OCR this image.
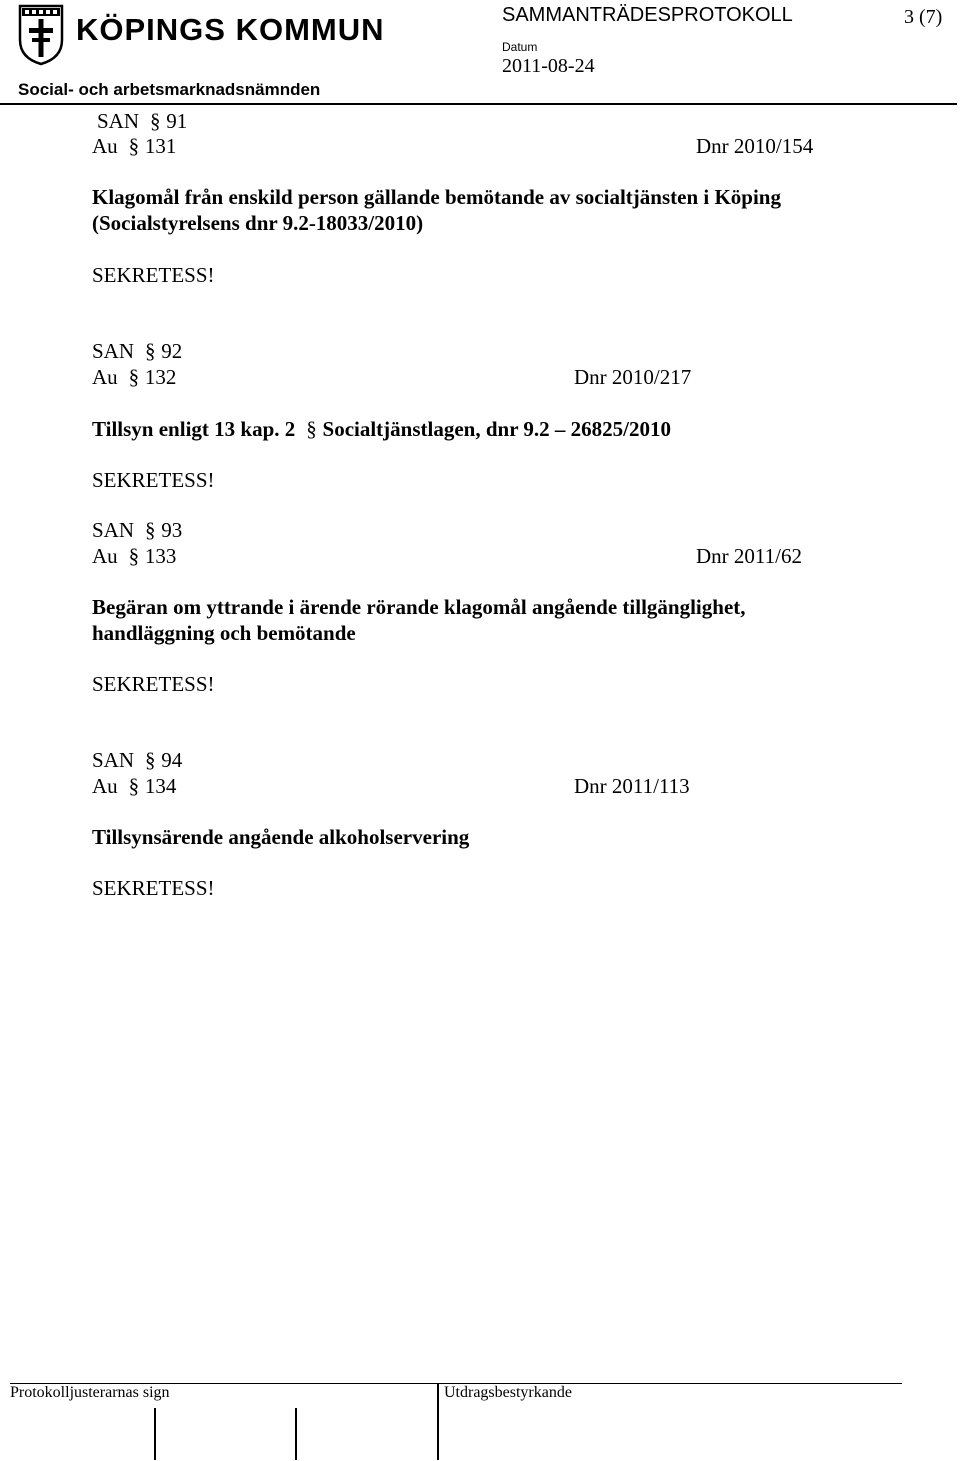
KÖPINGS KOMMUN	SAMMANTRÄDESPROTOKOLL	3 (7)
Datum
2011-08-24
Social- och arbetsmarknadsnämnden
SAN § 91
Au § 131	Dnr 2010/154
Klagomål från enskild person gällande bemötande av socialtjänsten i Köping
(Socialstyrelsens dnr 9.2-18033/2010)
SEKRETESS!
SAN § 92
Au § 132	Dnr 2010/217
Tillsyn enligt 13 kap. 2 § Socialtjänstlagen, dnr 9.2 – 26825/2010
SEKRETESS!
SAN § 93
Au § 133	Dnr 2011/62
Begäran om yttrande i ärende rörande klagomål angående tillgänglighet,
handläggning och bemötande
SEKRETESS!
SAN § 94
Au § 134	Dnr 2011/113
Tillsynsärende angående alkoholservering
SEKRETESS!
Protokolljusterarnas sign	Utdragsbestyrkande
